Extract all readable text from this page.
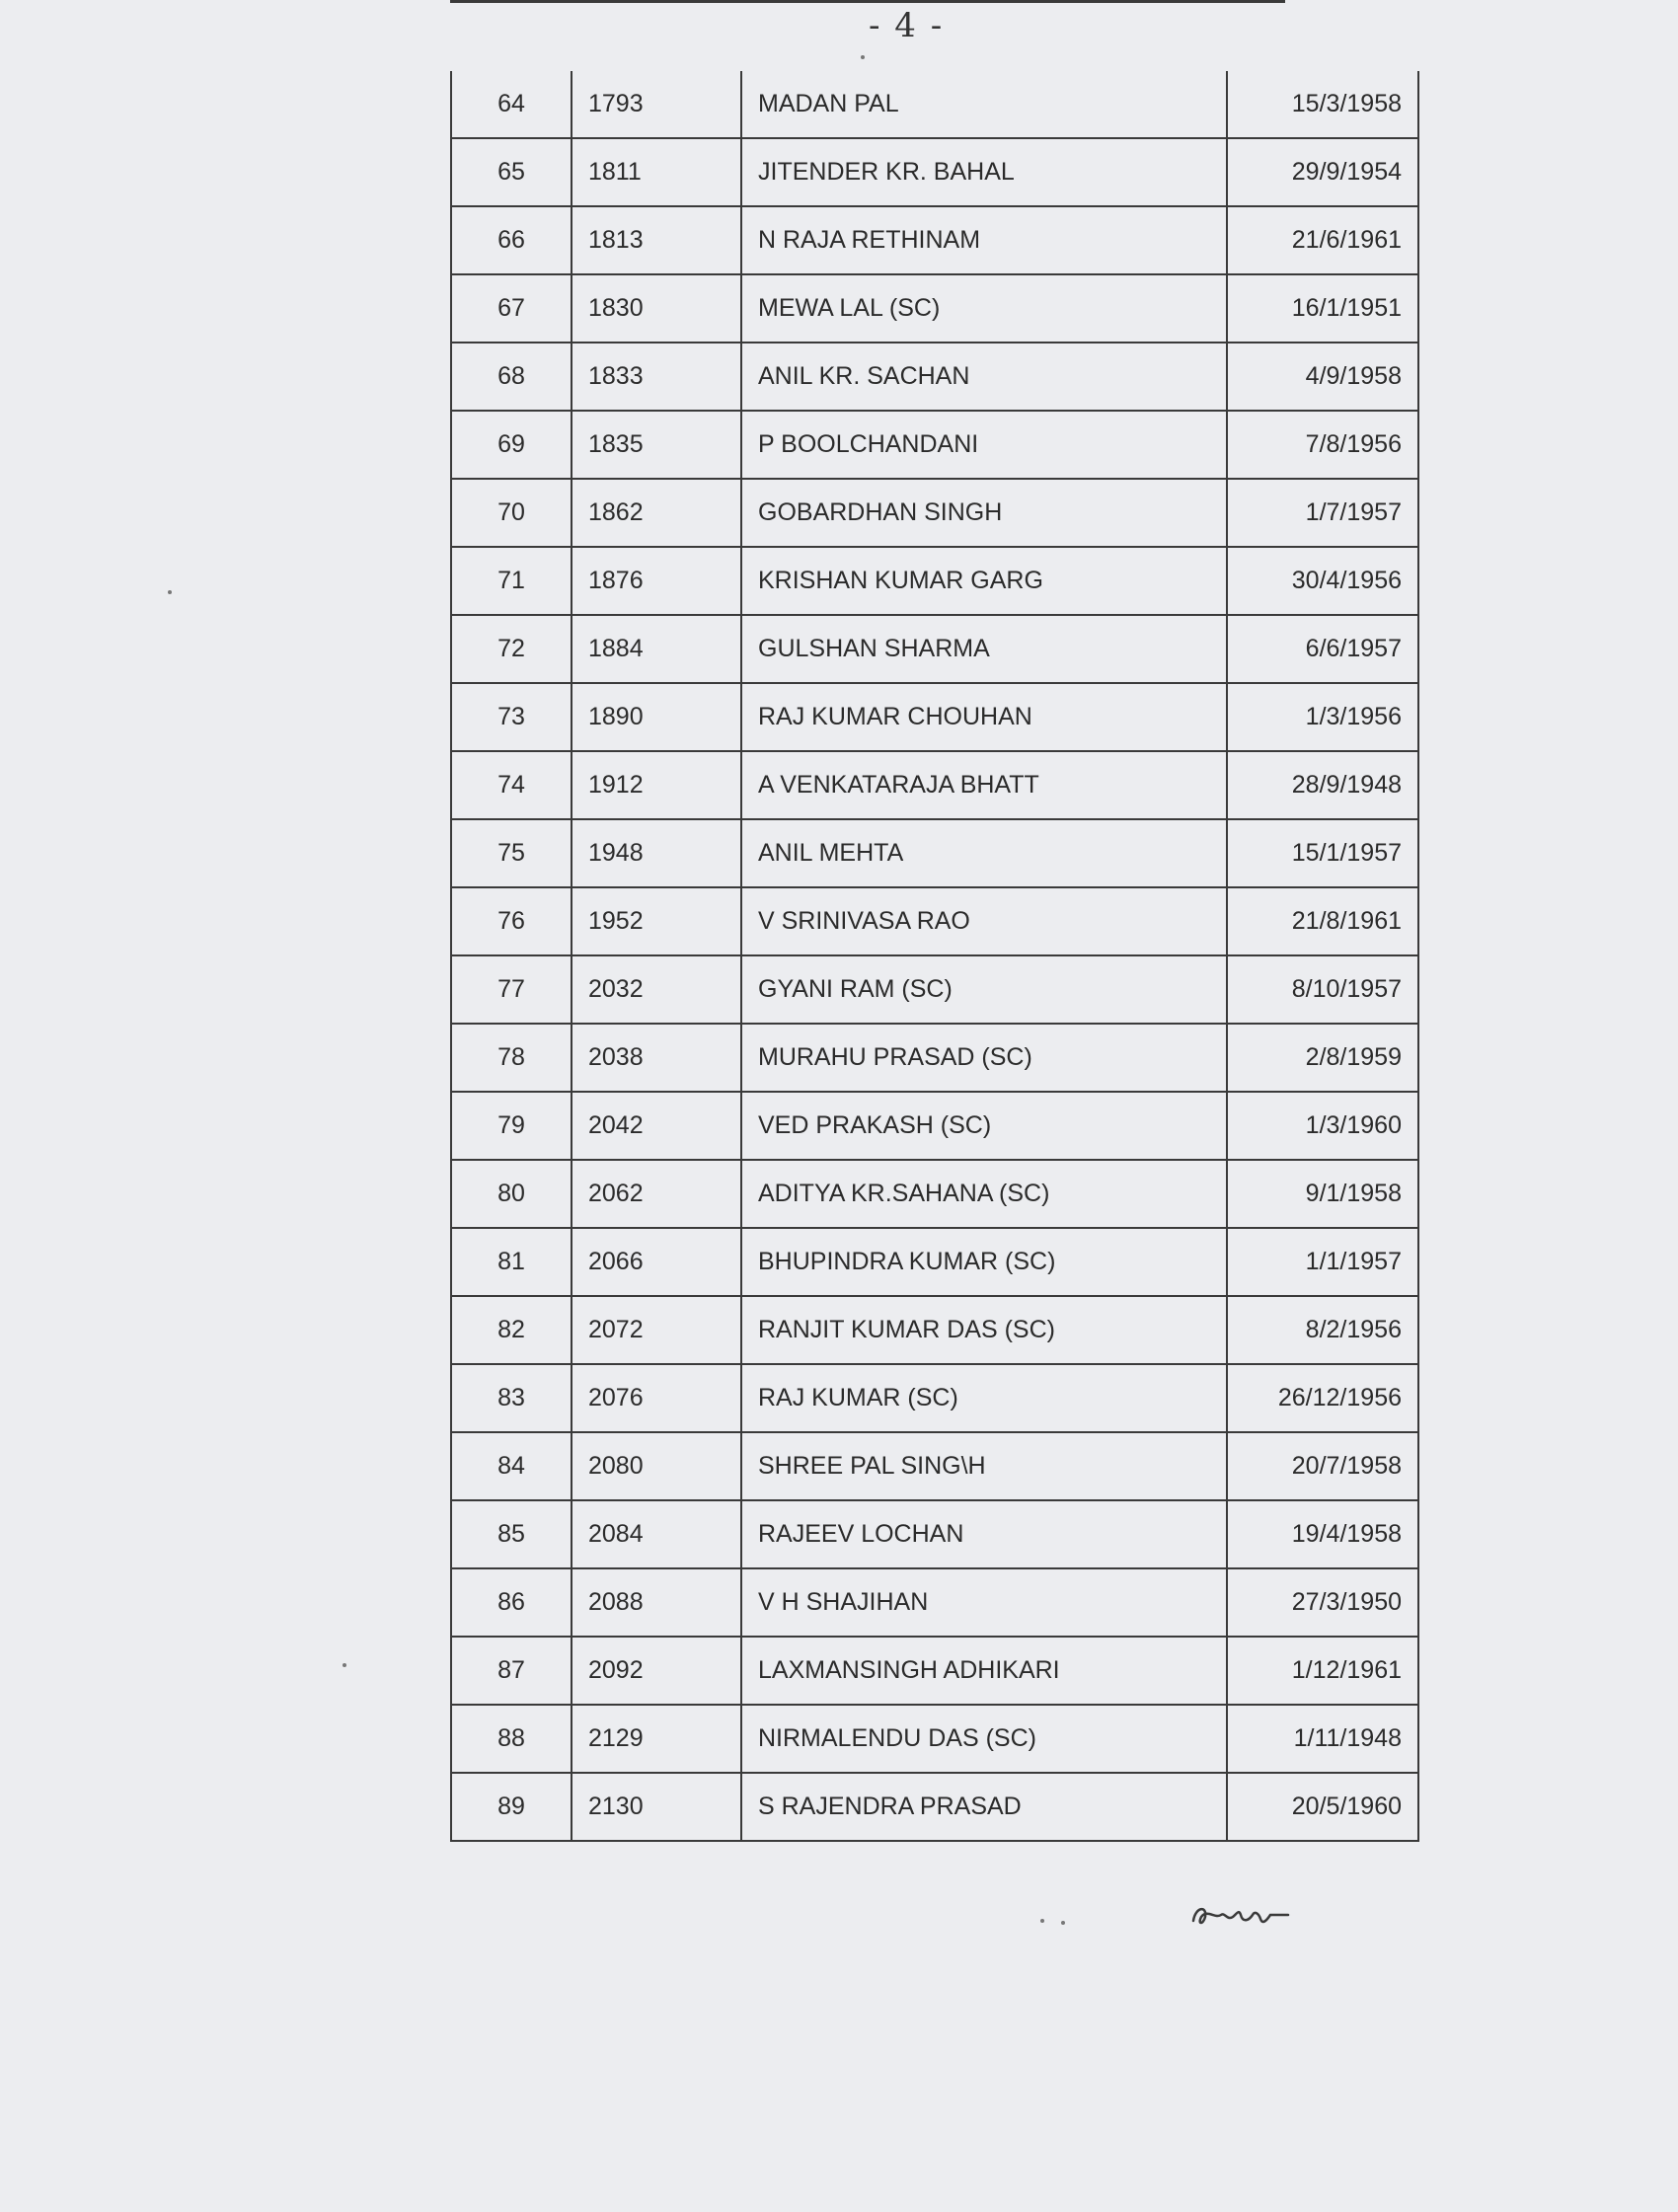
- 4 -
64	1793	MADAN PAL	15/3/1958
65	1811	JITENDER KR. BAHAL	29/9/1954
66	1813	N RAJA RETHINAM	21/6/1961
67	1830	MEWA LAL (SC)	16/1/1951
68	1833	ANIL KR. SACHAN	4/9/1958
69	1835	P BOOLCHANDANI	7/8/1956
70	1862	GOBARDHAN SINGH	1/7/1957
71	1876	KRISHAN KUMAR GARG	30/4/1956
72	1884	GULSHAN SHARMA	6/6/1957
73	1890	RAJ KUMAR CHOUHAN	1/3/1956
74	1912	A VENKATARAJA BHATT	28/9/1948
75	1948	ANIL MEHTA	15/1/1957
76	1952	V SRINIVASA RAO	21/8/1961
77	2032	GYANI RAM (SC)	8/10/1957
78	2038	MURAHU PRASAD (SC)	2/8/1959
79	2042	VED PRAKASH (SC)	1/3/1960
80	2062	ADITYA KR.SAHANA (SC)	9/1/1958
81	2066	BHUPINDRA KUMAR (SC)	1/1/1957
82	2072	RANJIT KUMAR DAS (SC)	8/2/1956
83	2076	RAJ KUMAR (SC)	26/12/1956
84	2080	SHREE PAL SING\H	20/7/1958
85	2084	RAJEEV LOCHAN	19/4/1958
86	2088	V H SHAJIHAN	27/3/1950
87	2092	LAXMANSINGH ADHIKARI	1/12/1961
88	2129	NIRMALENDU DAS (SC)	1/11/1948
89	2130	S RAJENDRA PRASAD	20/5/1960
